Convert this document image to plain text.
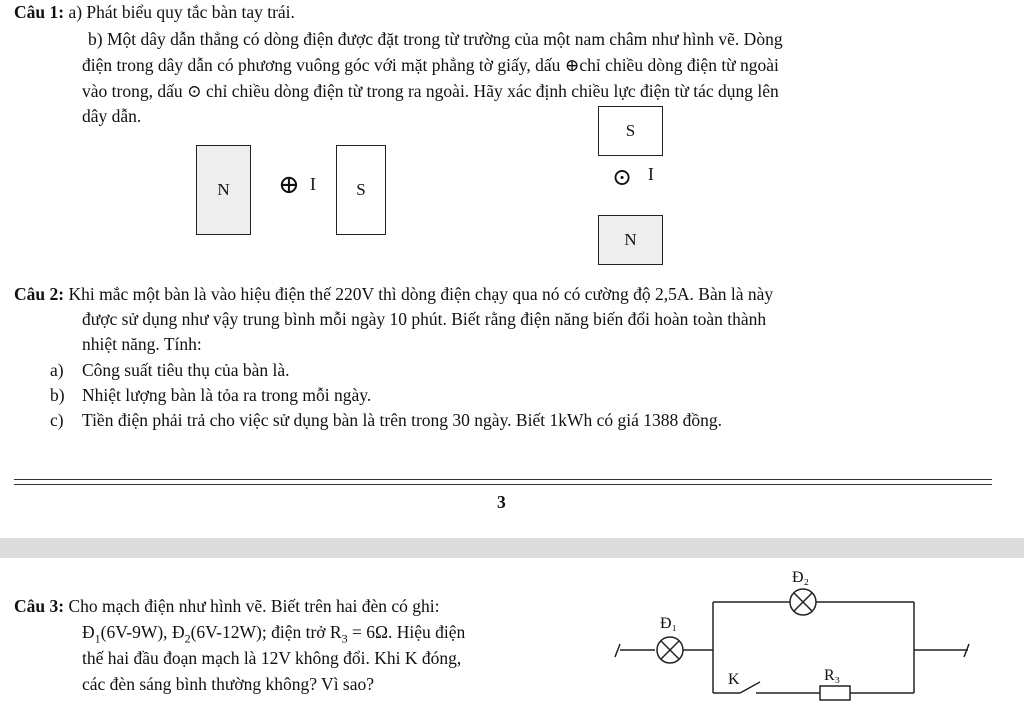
Câu 1: a) Phát biểu quy tắc bàn tay trái.
b) Một dây dẫn thẳng có dòng điện được đặt trong từ trường của một nam châm như hình vẽ. Dòng
điện trong dây dẫn có phương vuông góc với mặt phẳng tờ giấy, dấu ⊕chỉ chiều dòng điện từ ngoài
vào trong, dấu ⊙ chỉ chiều dòng điện từ trong ra ngoài. Hãy xác định chiều lực điện từ tác dụng lên
dây dẫn.
N ⊕ I S
S
⊙ I
N
Câu 2: Khi mắc một bàn là vào hiệu điện thế 220V thì dòng điện chạy qua nó có cường độ 2,5A. Bàn là này
được sử dụng như vậy trung bình mỗi ngày 10 phút. Biết rằng điện năng biến đổi hoàn toàn thành
nhiệt năng. Tính:
a) Công suất tiêu thụ của bàn là.
b) Nhiệt lượng bàn là tỏa ra trong mỗi ngày.
c) Tiền điện phải trả cho việc sử dụng bàn là trên trong 30 ngày. Biết 1kWh có giá 1388 đồng.
3
Câu 3: Cho mạch điện như hình vẽ. Biết trên hai đèn có ghi:
$Đ_1(6V-9W)$, $Đ_2(6V-12W)$; điện trở $R_3 = 6\Omega$. Hiệu điện
thế hai đầu đoạn mạch là 12V không đổi. Khi K đóng,
các đèn sáng bình thường không? Vì sao?
Đ₂
Đ₁
K	R₃
